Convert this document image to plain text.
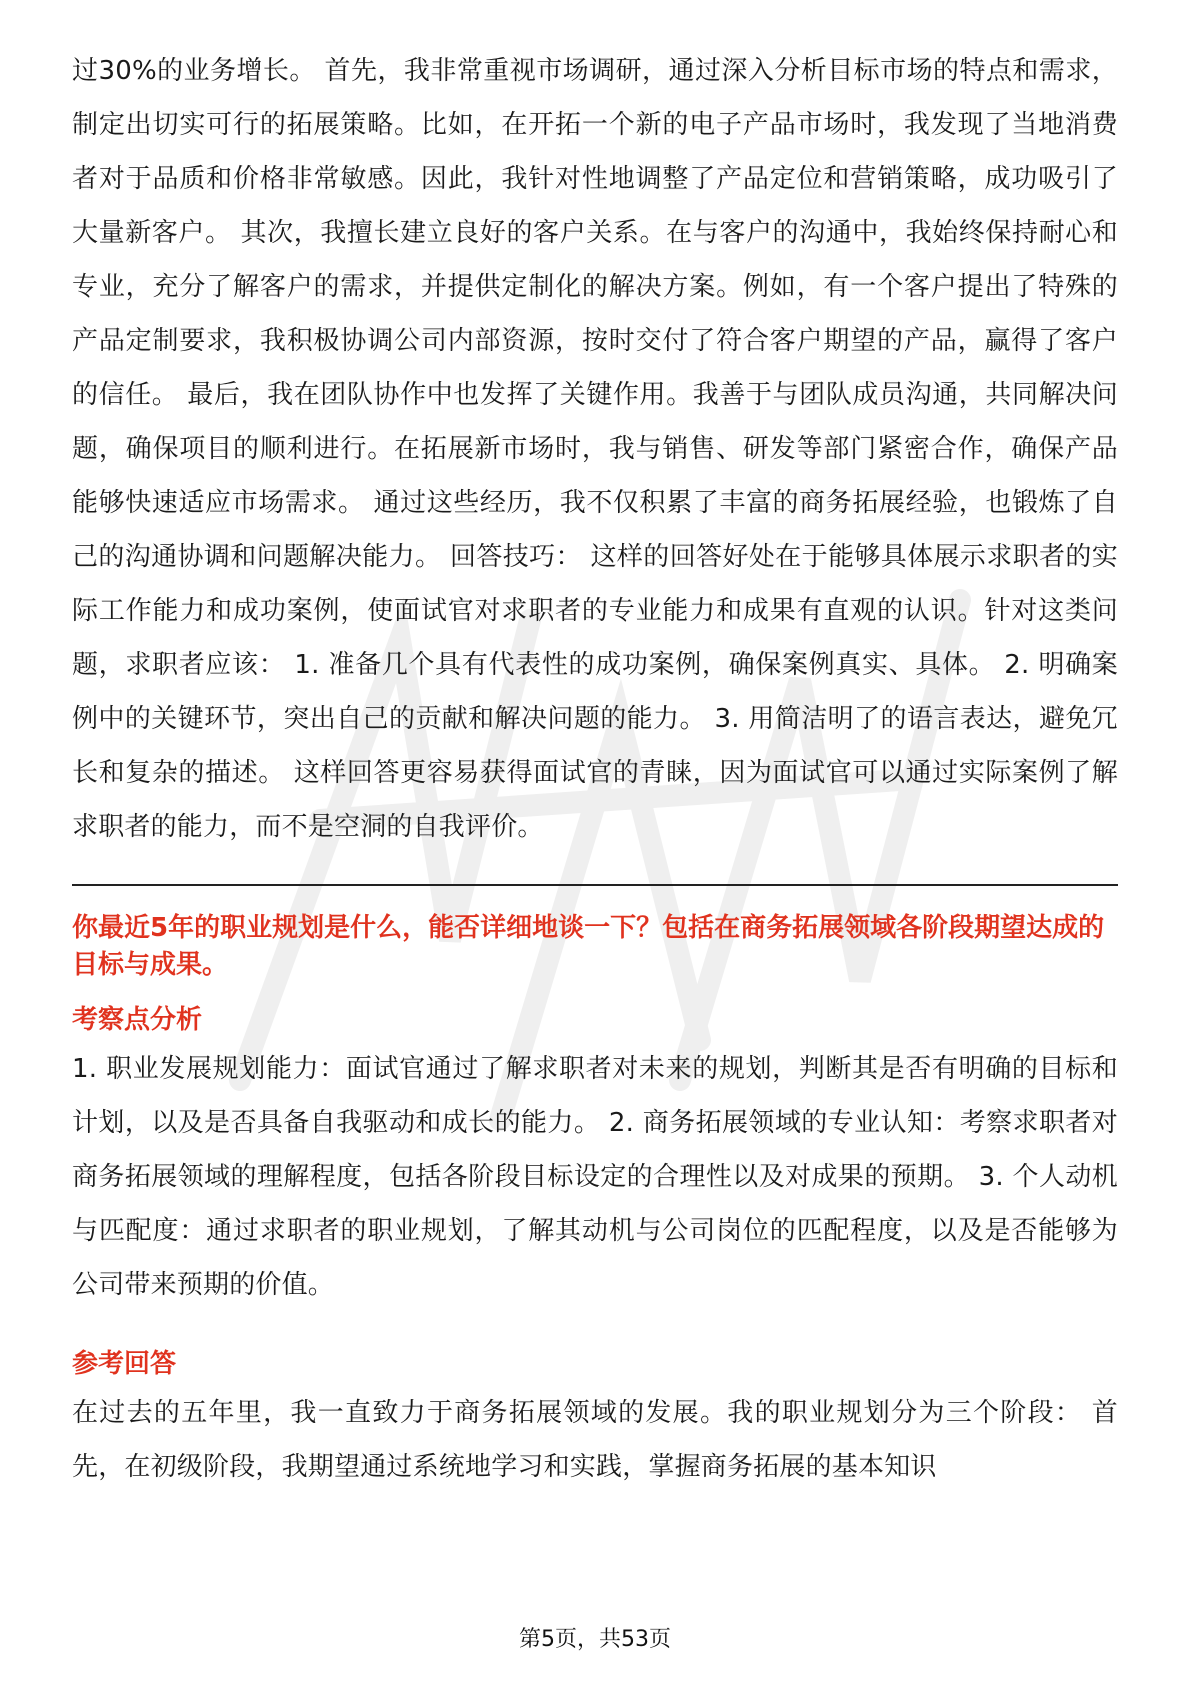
过30%的业务增长。 首先，我非常重视市场调研，通过深入分析目标市场的特点和需求，制定出切实可行的拓展策略。比如，在开拓一个新的电子产品市场时，我发现了当地消费者对于品质和价格非常敏感。因此，我针对性地调整了产品定位和营销策略，成功吸引了大量新客户。 其次，我擅长建立良好的客户关系。在与客户的沟通中，我始终保持耐心和专业，充分了解客户的需求，并提供定制化的解决方案。例如，有一个客户提出了特殊的产品定制要求，我积极协调公司内部资源，按时交付了符合客户期望的产品，赢得了客户的信任。 最后，我在团队协作中也发挥了关键作用。我善于与团队成员沟通，共同解决问题，确保项目的顺利进行。在拓展新市场时，我与销售、研发等部门紧密合作，确保产品能够快速适应市场需求。 通过这些经历，我不仅积累了丰富的商务拓展经验，也锻炼了自己的沟通协调和问题解决能力。 回答技巧： 这样的回答好处在于能够具体展示求职者的实际工作能力和成功案例，使面试官对求职者的专业能力和成果有直观的认识。针对这类问题，求职者应该： 1. 准备几个具有代表性的成功案例，确保案例真实、具体。 2. 明确案例中的关键环节，突出自己的贡献和解决问题的能力。 3. 用简洁明了的语言表达，避免冗长和复杂的描述。 这样回答更容易获得面试官的青睐，因为面试官可以通过实际案例了解求职者的能力，而不是空洞的自我评价。

你最近5年的职业规划是什么，能否详细地谈一下？包括在商务拓展领域各阶段期望达成的目标与成果。

考察点分析

1. 职业发展规划能力：面试官通过了解求职者对未来的规划，判断其是否有明确的目标和计划，以及是否具备自我驱动和成长的能力。 2. 商务拓展领域的专业认知：考察求职者对商务拓展领域的理解程度，包括各阶段目标设定的合理性以及对成果的预期。 3. 个人动机与匹配度：通过求职者的职业规划，了解其动机与公司岗位的匹配程度，以及是否能够为公司带来预期的价值。

参考回答

在过去的五年里，我一直致力于商务拓展领域的发展。我的职业规划分为三个阶段： 首先，在初级阶段，我期望通过系统地学习和实践，掌握商务拓展的基本知识

第5页，共53页
